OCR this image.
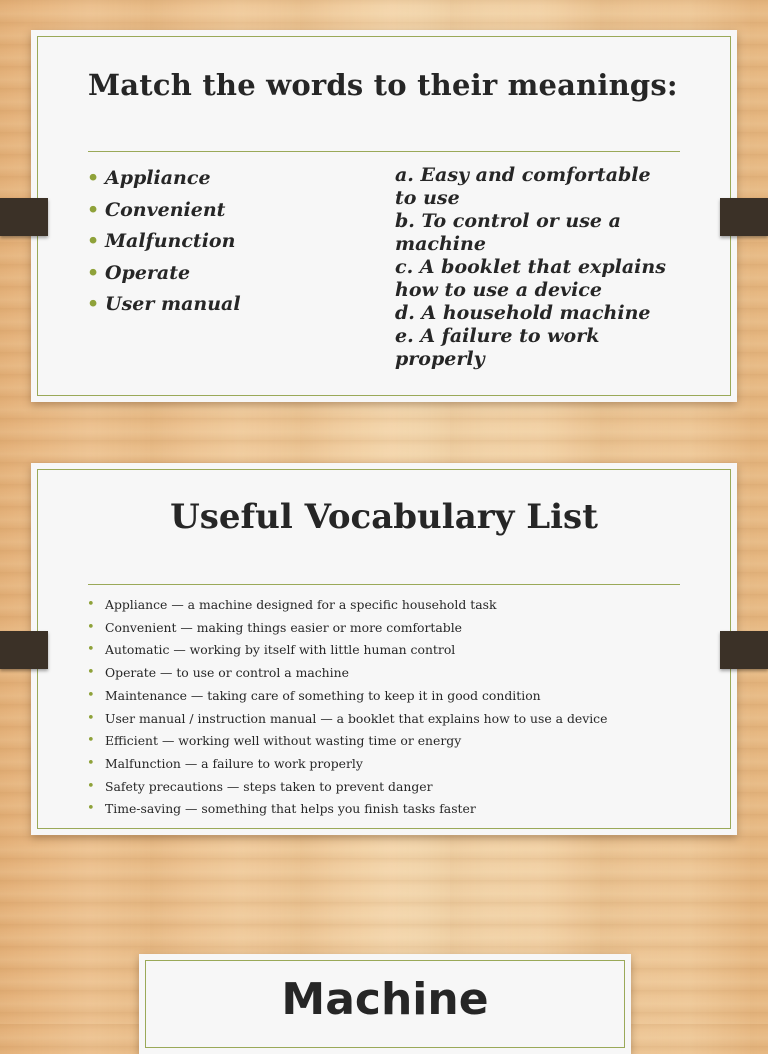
Match the words to their meanings:
• Appliance
• Convenient
• Malfunction
• Operate
• User manual
a. Easy and comfortable
to use
b. To control or use a
machine
c. A booklet that explains
how to use a device
d. A household machine
e. A failure to work
properly
Useful Vocabulary List
• Appliance — a machine designed for a specific household task
• Convenient — making things easier or more comfortable
• Automatic — working by itself with little human control
• Operate — to use or control a machine
• Maintenance — taking care of something to keep it in good condition
• User manual / instruction manual — a booklet that explains how to use a device
• Efficient — working well without wasting time or energy
• Malfunction — a failure to work properly
• Safety precautions — steps taken to prevent danger
• Time-saving — something that helps you finish tasks faster
Machine
